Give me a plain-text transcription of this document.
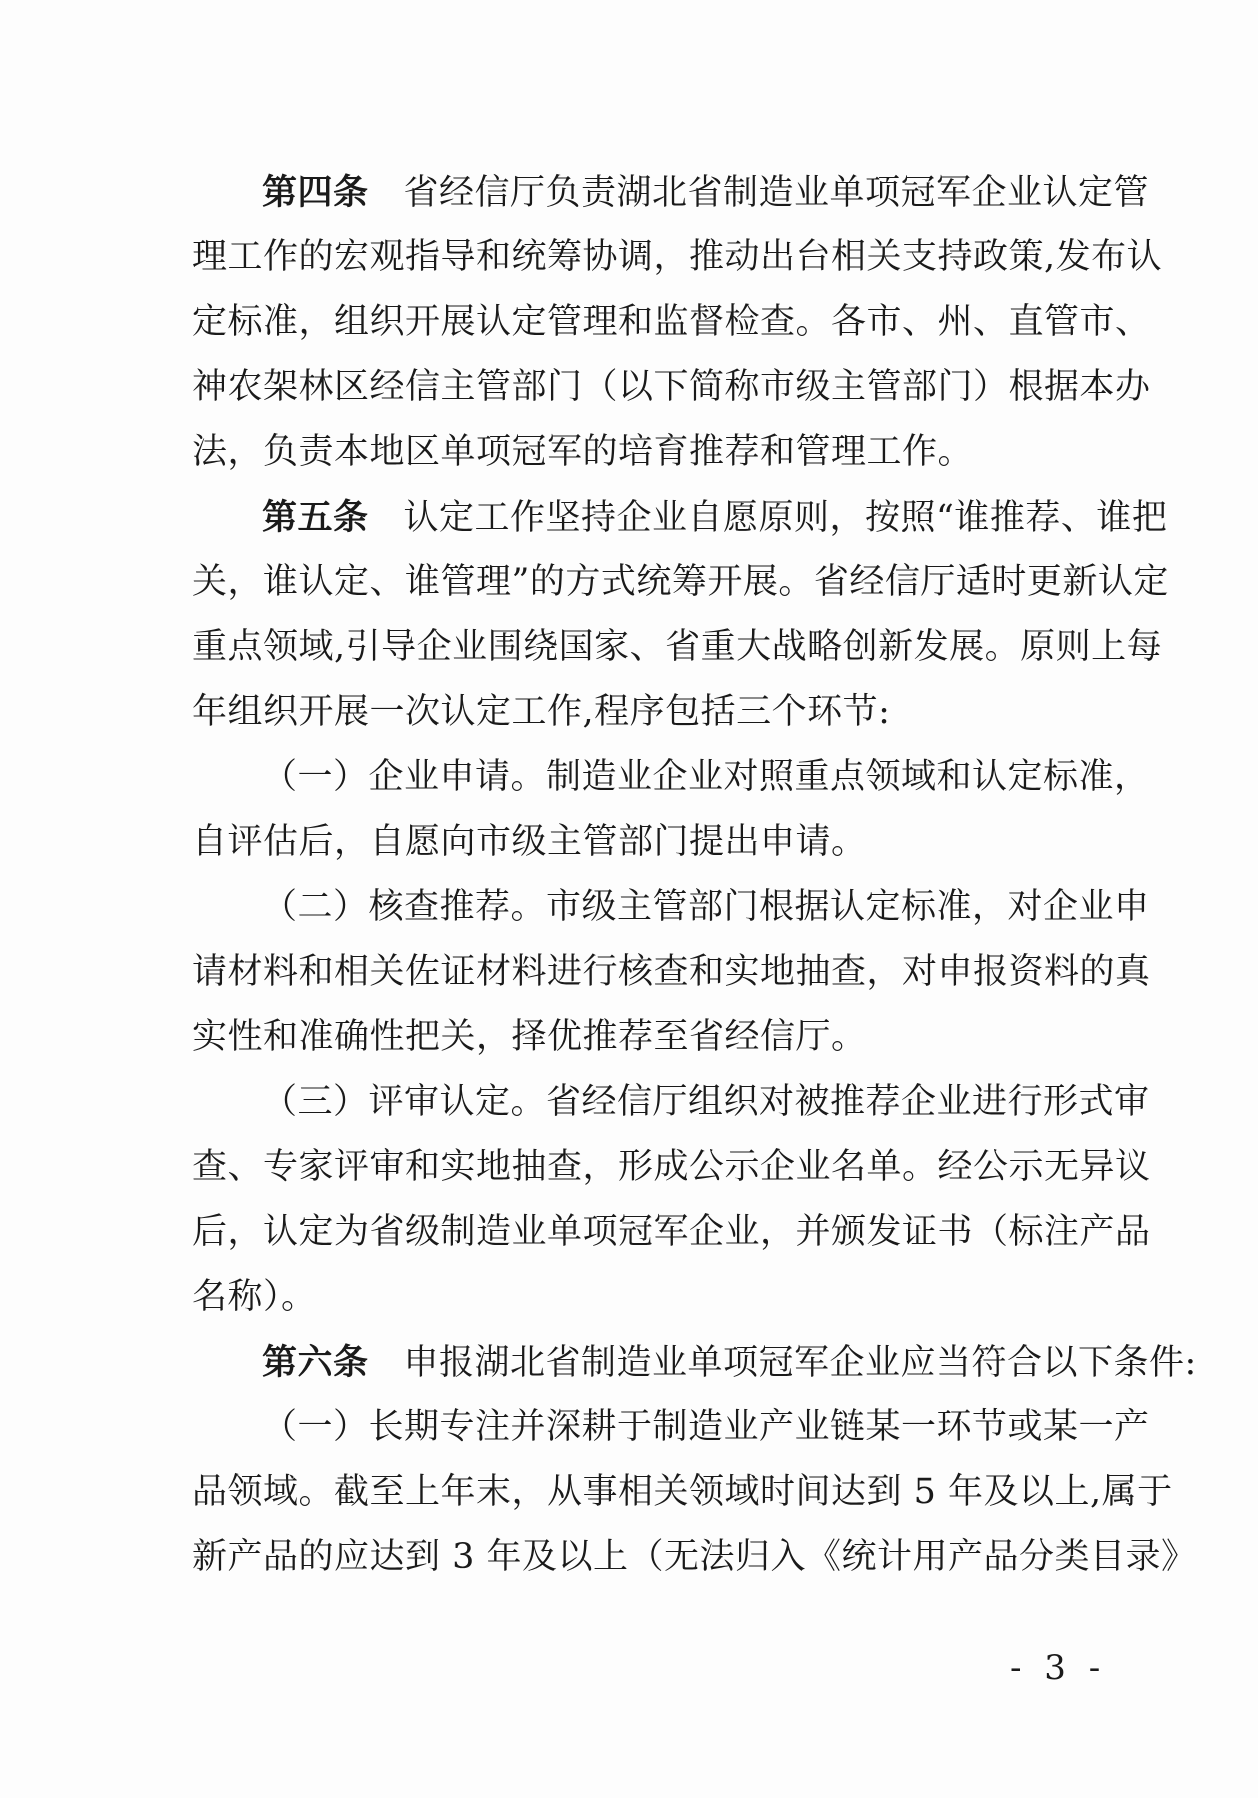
第四条 省经信厅负责湖北省制造业单项冠军企业认定管
理工作的宏观指导和统筹协调，推动出台相关支持政策,发布认
定标准，组织开展认定管理和监督检查。各市、州、直管市、
神农架林区经信主管部门（以下简称市级主管部门）根据本办
法，负责本地区单项冠军的培育推荐和管理工作。
第五条 认定工作坚持企业自愿原则，按照“谁推荐、谁把
关，谁认定、谁管理”的方式统筹开展。省经信厅适时更新认定
重点领域,引导企业围绕国家、省重大战略创新发展。原则上每
年组织开展一次认定工作,程序包括三个环节:
（一）企业申请。制造业企业对照重点领域和认定标准，
自评估后，自愿向市级主管部门提出申请。
（二）核查推荐。市级主管部门根据认定标准，对企业申
请材料和相关佐证材料进行核查和实地抽查，对申报资料的真
实性和准确性把关，择优推荐至省经信厅。
（三）评审认定。省经信厅组织对被推荐企业进行形式审
查、专家评审和实地抽查，形成公示企业名单。经公示无异议
后，认定为省级制造业单项冠军企业，并颁发证书（标注产品
名称）。
第六条 申报湖北省制造业单项冠军企业应当符合以下条件:
（一）长期专注并深耕于制造业产业链某一环节或某一产
品领域。截至上年末，从事相关领域时间达到 5 年及以上,属于
新产品的应达到 3 年及以上（无法归入《统计用产品分类目录》
- 3 -
